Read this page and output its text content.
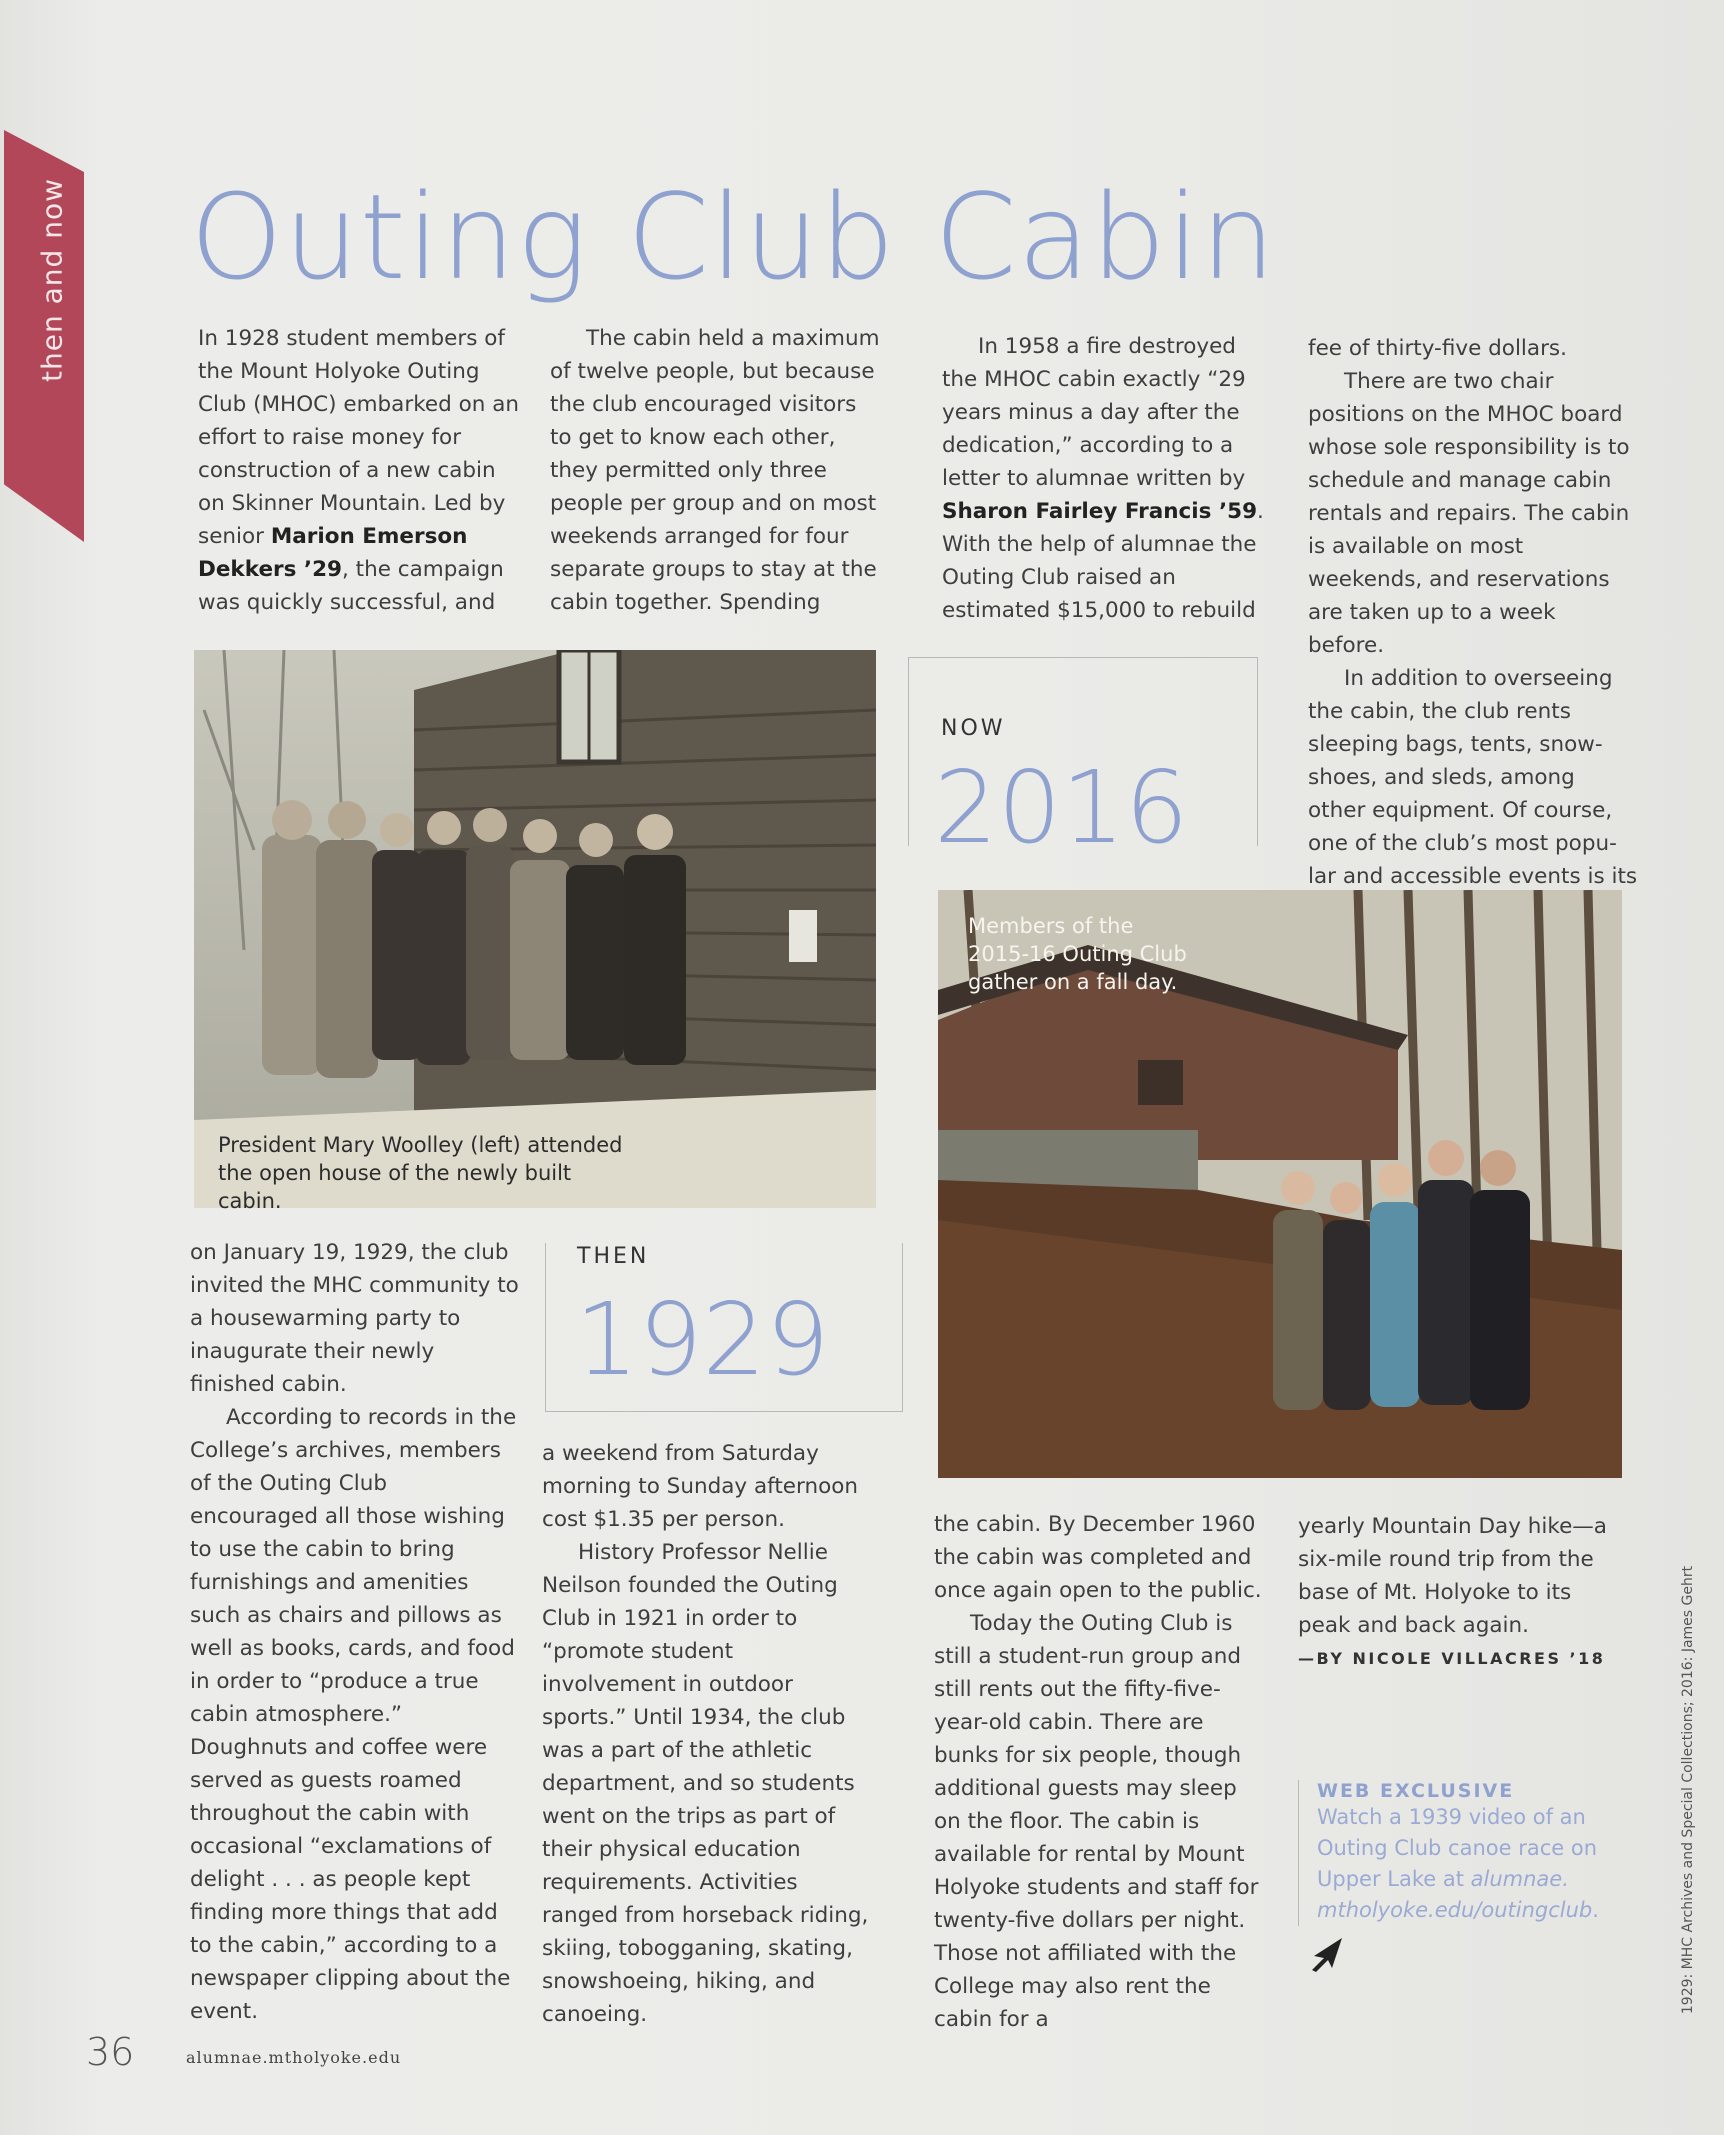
then and now Outing Club Cabin

In 1928 student members of the Mount Holyoke Outing Club (MHOC) embarked on an effort to raise money for construction of a new cabin on Skinner Mountain. Led by senior Marion Emerson Dekkers ’29, the campaign was quickly successful, and

The cabin held a maximum of twelve people, but because the club encouraged visitors to get to know each other, they permitted only three people per group and on most weekends arranged for four separate groups to stay at the cabin together. Spending

In 1958 a fire destroyed the MHOC cabin exactly “29 years minus a day after the dedication,” according to a letter to alumnae written by Sharon Fairley Francis ’59. With the help of alumnae the Outing Club raised an estimated $15,000 to rebuild

fee of thirty-five dollars.

There are two chair positions on the MHOC board whose sole responsibility is to schedule and manage cabin rentals and repairs. The cabin is available on most weekends, and reservations are taken up to a week before.

In addition to overseeing the cabin, the club rents sleeping bags, tents, snow-shoes, and sleds, among other equipment. Of course, one of the club’s most popu-lar and accessible events is its

President Mary Woolley (left) attended the open house of the newly built cabin.
NOW
2016
Members of the 2015-16 Outing Club gather on a fall day.
THEN
1929

on January 19, 1929, the club invited the MHC community to a housewarming party to inaugurate their newly finished cabin.

According to records in the College’s archives, members of the Outing Club encouraged all those wishing to use the cabin to bring furnishings and amenities such as chairs and pillows as well as books, cards, and food in order to “produce a true cabin atmosphere.” Doughnuts and coffee were served as guests roamed throughout the cabin with occasional “exclamations of delight . . . as people kept finding more things that add to the cabin,” according to a newspaper clipping about the event.

a weekend from Saturday morning to Sunday afternoon cost $1.35 per person.

History Professor Nellie Neilson founded the Outing Club in 1921 in order to “promote student involvement in outdoor sports.” Until 1934, the club was a part of the athletic department, and so students went on the trips as part of their physical education requirements. Activities ranged from horseback riding, skiing, tobogganing, skating, snowshoeing, hiking, and canoeing.

the cabin. By December 1960 the cabin was completed and once again open to the public.

Today the Outing Club is still a student-run group and still rents out the fifty-five-year-old cabin. There are bunks for six people, though additional guests may sleep on the floor. The cabin is available for rental by Mount Holyoke students and staff for twenty-five dollars per night. Those not affiliated with the College may also rent the cabin for a

yearly Mountain Day hike—a six-mile round trip from the base of Mt. Holyoke to its peak and back again.

—BY NICOLE VILLACRES ’18

WEB EXCLUSIVE
Watch a 1939 video of an Outing Club canoe race on Upper Lake at alumnae. mtholyoke.edu/outingclub.
36	alumnae.mtholyoke.edu
1929: MHC Archives and Special Collections; 2016: James Gehrt
